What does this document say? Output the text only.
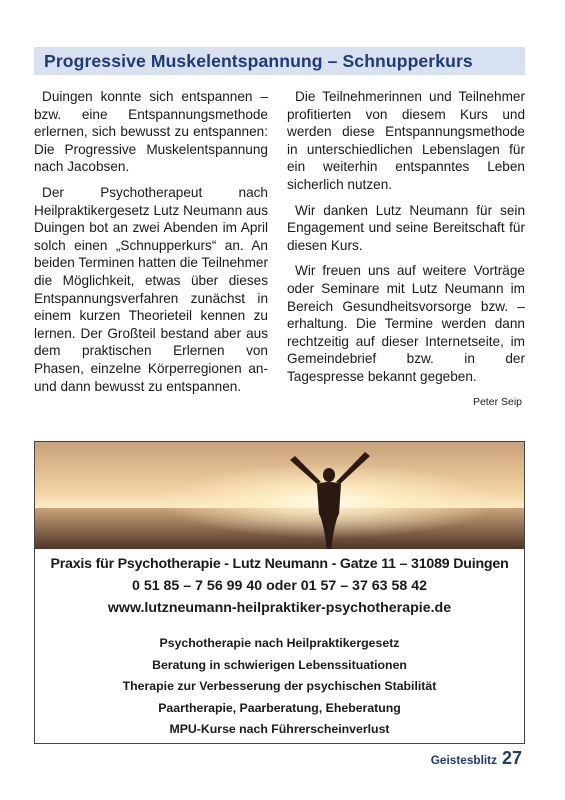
Progressive Muskelentspannung – Schnupperkurs

Duingen konnte sich entspannen – bzw. eine Entspannungsmethode erlernen, sich bewusst zu entspannen: Die Progressive Muskelentspannung nach Jacobsen.

Der Psychotherapeut nach Heilpraktikergesetz Lutz Neumann aus Duingen bot an zwei Abenden im April solch einen „Schnupperkurs“ an. An beiden Terminen hatten die Teilnehmer die Möglichkeit, etwas über dieses Entspannungsverfahren zunächst in einem kurzen Theorieteil kennen zu lernen. Der Großteil bestand aber aus dem praktischen Erlernen von Phasen, einzelne Körperregionen an- und dann bewusst zu entspannen.

Die Teilnehmerinnen und Teilnehmer profitierten von diesem Kurs und werden diese Entspannungsmethode in unterschiedlichen Lebenslagen für ein weiterhin entspanntes Leben sicherlich nutzen.

Wir danken Lutz Neumann für sein Engagement und seine Bereitschaft für diesen Kurs.

Wir freuen uns auf weitere Vorträge oder Seminare mit Lutz Neumann im Bereich Gesundheitsvorsorge bzw. – erhaltung. Die Termine werden dann rechtzeitig auf dieser Internetseite, im Gemeindebrief bzw. in der Tagespresse bekannt gegeben.

Peter Seip
Praxis für Psychotherapie - Lutz Neumann - Gatze 11 – 31089 Duingen
0 51 85 – 7 56 99 40 oder 01 57 – 37 63 58 42
www.lutzneumann-heilpraktiker-psychotherapie.de
Psychotherapie nach Heilpraktikergesetz
Beratung in schwierigen Lebenssituationen
Therapie zur Verbesserung der psychischen Stabilität
Paartherapie, Paarberatung, Eheberatung
MPU-Kurse nach Führerscheinverlust
Geistesblitz 27
